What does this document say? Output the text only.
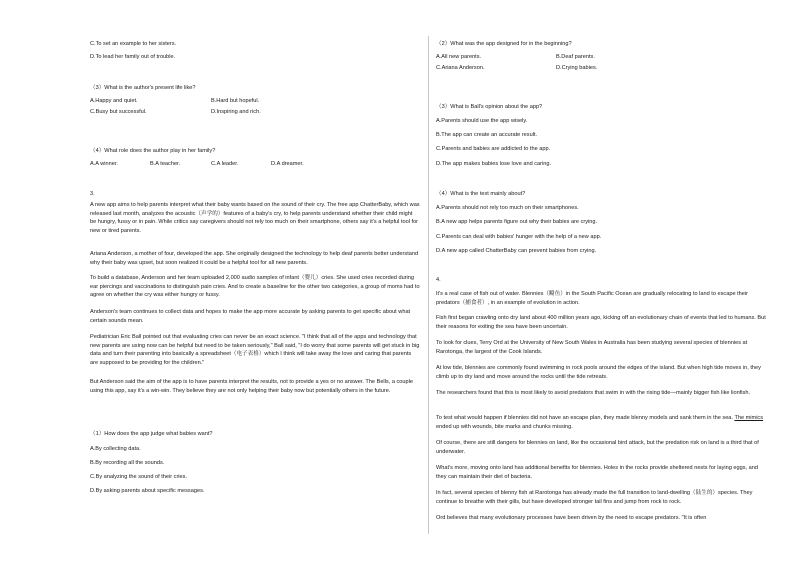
C.To set an example to her sisters.
D.To lead her family out of trouble.
（3）What is the author's present life like?
A.Happy and quiet.	B.Hard but hopeful.
C.Busy but successful.	D.Inspiring and rich.
（4）What role does the author play in her family?
A.A winner.	B.A teacher.	C.A leader.	D.A dreamer.
3.
A new app aims to help parents interpret what their baby wants based on the sound of their cry. The free app ChatterBaby, which was released last month, analyzes the acoustic（声学的）features of a baby's cry, to help parents understand whether their child might be hungry, fussy or in pain. While critics say caregivers should not rely too much on their smartphone, others say it's a helpful tool for new or tired parents.
Ariana Anderson, a mother of four, developed the app. She originally designed the technology to help deaf parents better understand why their baby was upset, but soon realized it could be a helpful tool for all new parents.
To build a database, Anderson and her team uploaded 2,000 audio samples of infant（婴儿）cries. She used cries recorded during ear piercings and vaccinations to distinguish pain cries. And to create a baseline for the other two categories, a group of moms had to agree on whether the cry was either hungry or fussy.
Anderson's team continues to collect data and hopes to make the app more accurate by asking parents to get specific about what certain sounds mean.
Pediatrician Eric Ball pointed out that evaluating cries can never be an exact science. "I think that all of the apps and technology that new parents are using now can be helpful but need to be taken seriously," Ball said, "I do worry that some parents will get stuck in big data and turn their parenting into basically a spreadsheet（电子表格）which I think will take away the love and caring that parents are supposed to be providing for the children."
But Anderson said the aim of the app is to have parents interpret the results, not to provide a yes or no answer. The Bells, a couple using this app, say it's a win-win. They believe they are not only helping their baby now but potentially others in the future.
（1）How does the app judge what babies want?
A.By collecting data.
B.By recording all the sounds.
C.By analyzing the sound of their cries.
D.By asking parents about specific messages.
（2）What was the app designed for in the beginning?
A.All new parents.	B.Deaf parents.
C.Ariana Anderson.	D.Crying babies.
（3）What is Ball's opinion about the app?
A.Parents should use the app wisely.
B.The app can create an accurate result.
C.Parents and babies are addicted to the app.
D.The app makes babies lose love and caring.
（4）What is the text mainly about?
A.Parents should not rely too much on their smartphones.
B.A new app helps parents figure out why their babies are crying.
C.Parents can deal with babies' hunger with the help of a new app.
D.A new app called ChatterBaby can prevent babies from crying.
4.
It's a real case of fish out of water. Blennies（鳚鱼）in the South Pacific Ocean are gradually relocating to land to escape their predators（捕食者）, in an example of evolution in action.
Fish first began crawling onto dry land about 400 million years ago, kicking off an evolutionary chain of events that led to humans. But their reasons for exiting the sea have been uncertain.
To look for clues, Terry Ord at the University of New South Wales in Australia has been studying several species of blennies at Rarotonga, the largest of the Cook Islands.
At low tide, blennies are commonly found swimming in rock pools around the edges of the island. But when high tide moves in, they climb up to dry land and move around the rocks until the tide retreats.
The researchers found that this is most likely to avoid predators that swim in with the rising tide—mainly bigger fish like lionfish.
To test what would happen if blennies did not have an escape plan, they made blenny models and sank them in the sea. The mimics ended up with wounds, bite marks and chunks missing.
Of course, there are still dangers for blennies on land, like the occasional bird attack, but the predation risk on land is a third that of underwater.
What's more, moving onto land has additional benefits for blennies. Holes in the rocks provide sheltered nests for laying eggs, and they can maintain their diet of bacteria.
In fact, several species of blenny fish at Rarotonga has already made the full transition to land-dwelling（陆生的）species. They continue to breathe with their gills, but have developed stronger tail fins and jump from rock to rock.
Ord believes that many evolutionary processes have been driven by the need to escape predators. "It is often
